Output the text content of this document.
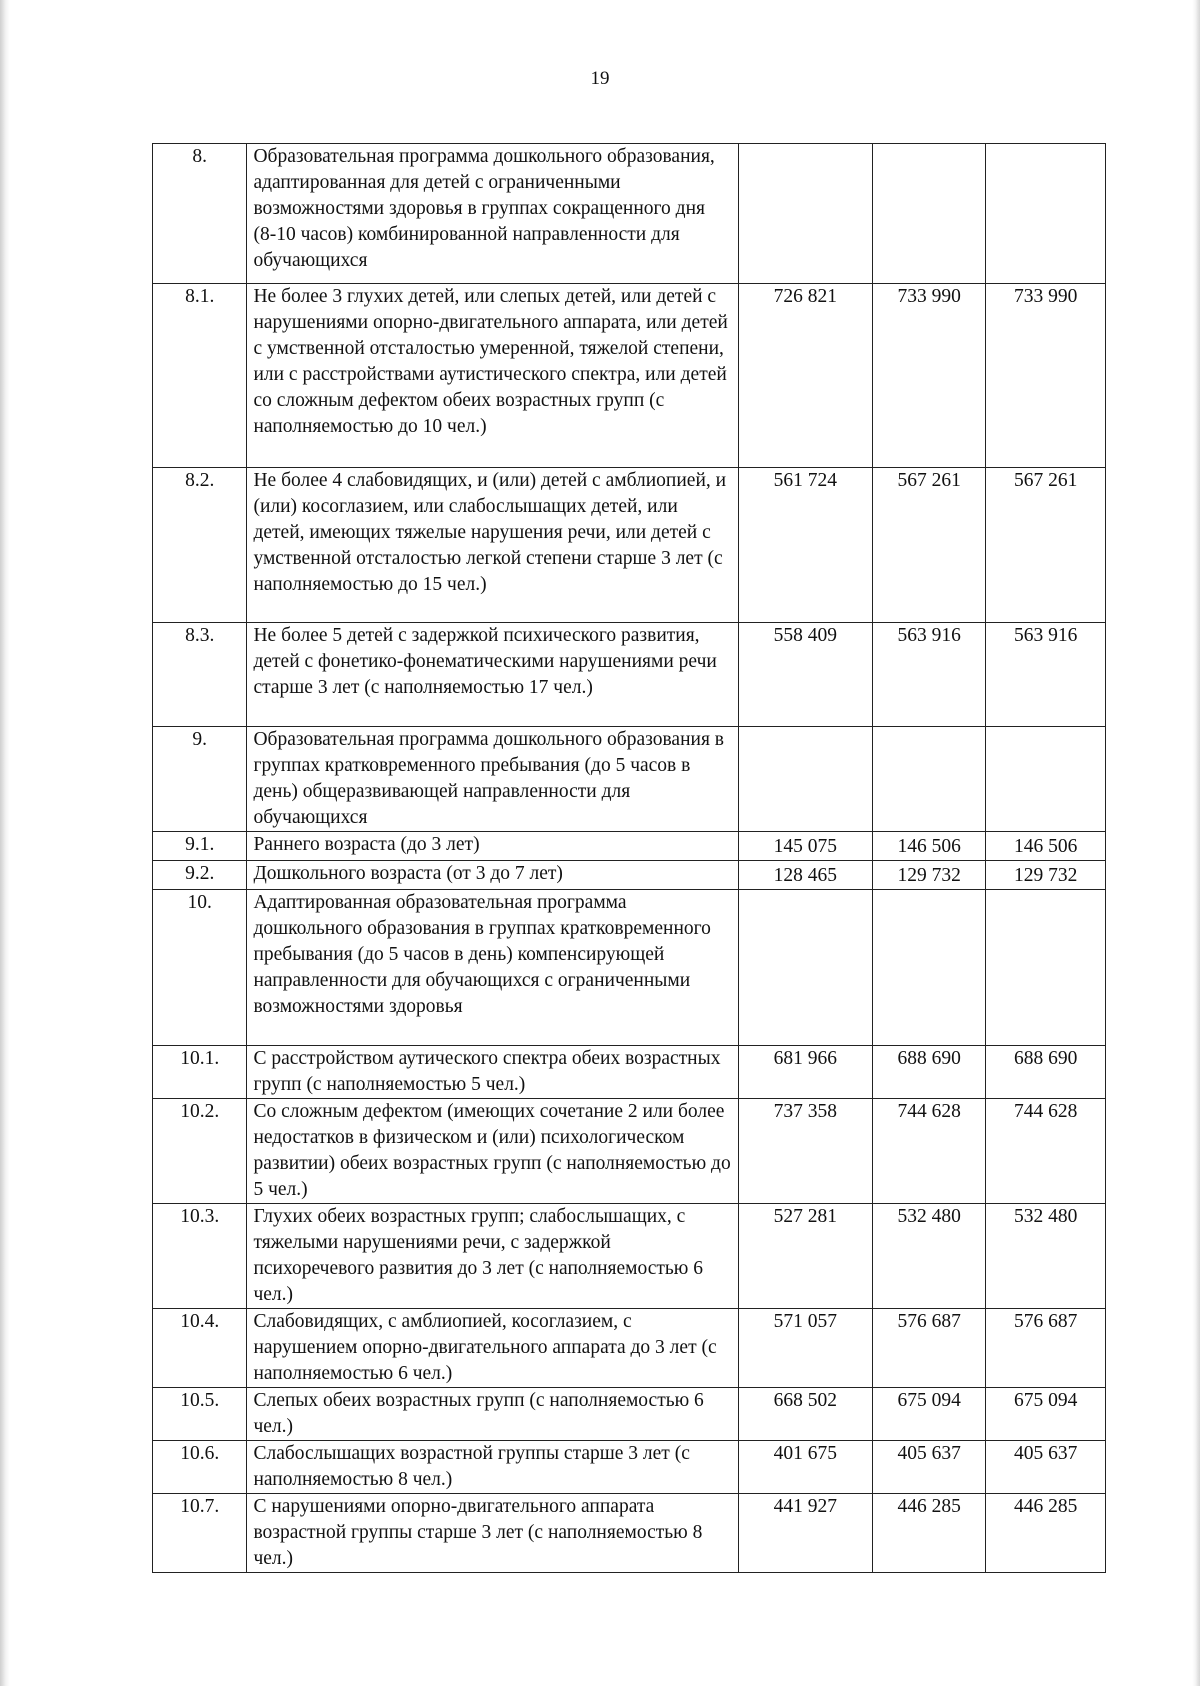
19
8.	Образовательная программа дошкольного образования, адаптированная для детей с ограниченными возможностями здоровья в группах сокращенного дня (8-10 часов) комбинированной направленности для обучающихся			
8.1.	Не более 3 глухих детей, или слепых детей, или детей с нарушениями опорно-двигательного аппарата, или детей с умственной отсталостью умеренной, тяжелой степени, или с расстройствами аутистического спектра, или детей со сложным дефектом обеих возрастных групп (с наполняемостью до 10 чел.)	726 821	733 990	733 990
8.2.	Не более 4 слабовидящих, и (или) детей с амблиопией, и (или) косоглазием, или слабослышащих детей, или детей, имеющих тяжелые нарушения речи, или детей с умственной отсталостью легкой степени старше 3 лет (с наполняемостью до 15 чел.)	561 724	567 261	567 261
8.3.	Не более 5 детей с задержкой психического развития, детей с фонетико-фонематическими нарушениями речи старше 3 лет (с наполняемостью 17 чел.)	558 409	563 916	563 916
9.	Образовательная программа дошкольного образования в группах кратковременного пребывания (до 5 часов в день) общеразвивающей направленности для обучающихся			
9.1.	Раннего возраста (до 3 лет)	145 075	146 506	146 506
9.2.	Дошкольного возраста (от 3 до 7 лет)	128 465	129 732	129 732
10.	Адаптированная образовательная программа дошкольного образования в группах кратковременного пребывания (до 5 часов в день) компенсирующей направленности для обучающихся с ограниченными возможностями здоровья			
10.1.	С расстройством аутического спектра обеих возрастных групп (с наполняемостью 5 чел.)	681 966	688 690	688 690
10.2.	Со сложным дефектом (имеющих сочетание 2 или более недостатков в физическом и (или) психологическом развитии) обеих возрастных групп (с наполняемостью до 5 чел.)	737 358	744 628	744 628
10.3.	Глухих обеих возрастных групп; слабослышащих, с тяжелыми нарушениями речи, с задержкой психоречевого развития до 3 лет (с наполняемостью 6 чел.)	527 281	532 480	532 480
10.4.	Слабовидящих, с амблиопией, косоглазием, с нарушением опорно-двигательного аппарата до 3 лет (с наполняемостью 6 чел.)	571 057	576 687	576 687
10.5.	Слепых обеих возрастных групп (с наполняемостью 6 чел.)	668 502	675 094	675 094
10.6.	Слабослышащих возрастной группы старше 3 лет (с наполняемостью 8 чел.)	401 675	405 637	405 637
10.7.	С нарушениями опорно-двигательного аппарата возрастной группы старше 3 лет (с наполняемостью 8 чел.)	441 927	446 285	446 285
